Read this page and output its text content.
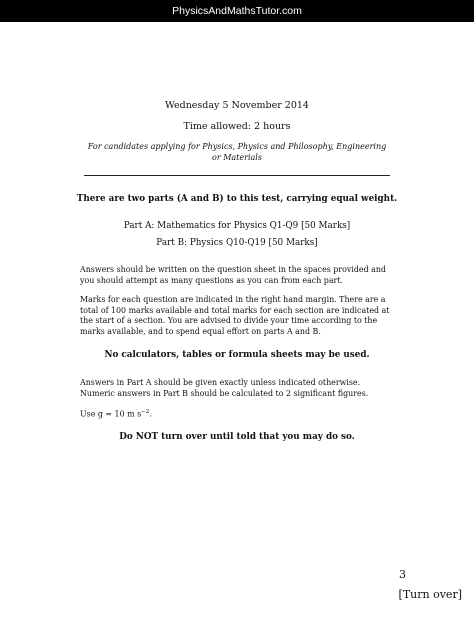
PhysicsAndMathsTutor.com
Wednesday 5 November 2014
Time allowed: 2 hours
For candidates applying for Physics, Physics and Philosophy, Engineering or Materials
There are two parts (A and B) to this test, carrying equal weight.
Part A: Mathematics for Physics Q1-Q9 [50 Marks]
Part B: Physics Q10-Q19 [50 Marks]
Answers should be written on the question sheet in the spaces provided and you should attempt as many questions as you can from each part.
Marks for each question are indicated in the right hand margin. There are a total of 100 marks available and total marks for each section are indicated at the start of a section. You are advised to divide your time according to the marks available, and to spend equal effort on parts A and B.
No calculators, tables or formula sheets may be used.
Answers in Part A should be given exactly unless indicated otherwise. Numeric answers in Part B should be calculated to 2 significant figures.
Use g = 10 m $s^{-2}$.
Do NOT turn over until told that you may do so.
3
[Turn over]
